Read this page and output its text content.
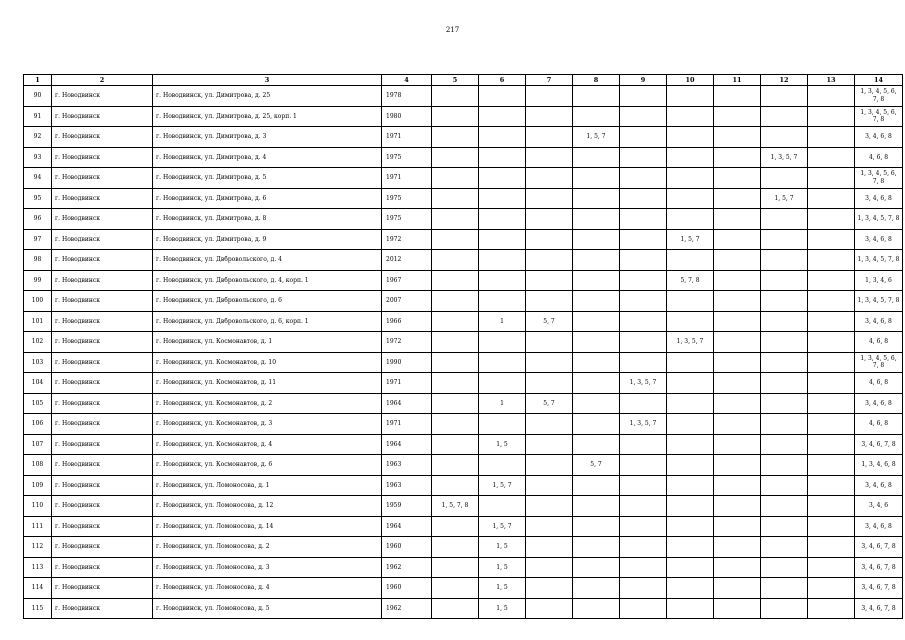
217
1	2	3	4	5	6	7	8	9	10	11	12	13	14
90	г. Новодвинск	г. Новодвинск, ул. Димитрова, д. 25	1978										1, 3, 4, 5, 6, 7, 8
91	г. Новодвинск	г. Новодвинск, ул. Димитрова, д. 25, корп. 1	1980										1, 3, 4, 5, 6, 7, 8
92	г. Новодвинск	г. Новодвинск, ул. Димитрова, д. 3	1971				1, 5, 7						3, 4, 6, 8
93	г. Новодвинск	г. Новодвинск, ул. Димитрова, д. 4	1975								1, 3, 5, 7		4, 6, 8
94	г. Новодвинск	г. Новодвинск, ул. Димитрова, д. 5	1971										1, 3, 4, 5, 6, 7, 8
95	г. Новодвинск	г. Новодвинск, ул. Димитрова, д. 6	1975								1, 5, 7		3, 4, 6, 8
96	г. Новодвинск	г. Новодвинск, ул. Димитрова, д. 8	1975										1, 3, 4, 5, 7, 8
97	г. Новодвинск	г. Новодвинск, ул. Димитрова, д. 9	1972						1, 5, 7				3, 4, 6, 8
98	г. Новодвинск	г. Новодвинск, ул. Двбровольского, д. 4	2012										1, 3, 4, 5, 7, 8
99	г. Новодвинск	г. Новодвинск, ул. Двбровольского, д. 4, корп. 1	1967						5, 7, 8				1, 3, 4, 6
100	г. Новодвинск	г. Новодвинск, ул. Двбровольского, д. 6	2007										1, 3, 4, 5, 7, 8
101	г. Новодвинск	г. Новодвинск, ул. Двбровольского, д. 6, корп. 1	1966		1	5, 7							3, 4, 6, 8
102	г. Новодвинск	г. Новодвинск, ул. Космонавтов, д. 1	1972						1, 3, 5, 7				4, 6, 8
103	г. Новодвинск	г. Новодвинск, ул. Космонавтов, д. 10	1990										1, 3, 4, 5, 6, 7, 8
104	г. Новодвинск	г. Новодвинск, ул. Космонавтов, д. 11	1971					1, 3, 5, 7					4, 6, 8
105	г. Новодвинск	г. Новодвинск, ул. Космонавтов, д. 2	1964		1	5, 7							3, 4, 6, 8
106	г. Новодвинск	г. Новодвинск, ул. Космонавтов, д. 3	1971					1, 3, 5, 7					4, 6, 8
107	г. Новодвинск	г. Новодвинск, ул. Космонавтов, д. 4	1964		1, 5								3, 4, 6, 7, 8
108	г. Новодвинск	г. Новодвинск, ул. Космонавтов, д. 6	1963				5, 7						1, 3, 4, 6, 8
109	г. Новодвинск	г. Новодвинск, ул. Ломоносова, д. 1	1963		1, 5, 7								3, 4, 6, 8
110	г. Новодвинск	г. Новодвинск, ул. Ломоносова, д. 12	1959	1, 5, 7, 8									3, 4, 6
111	г. Новодвинск	г. Новодвинск, ул. Ломоносова, д. 14	1964		1, 5, 7								3, 4, 6, 8
112	г. Новодвинск	г. Новодвинск, ул. Ломоносова, д. 2	1960		1, 5								3, 4, 6, 7, 8
113	г. Новодвинск	г. Новодвинск, ул. Ломоносова, д. 3	1962		1, 5								3, 4, 6, 7, 8
114	г. Новодвинск	г. Новодвинск, ул. Ломоносова, д. 4	1960		1, 5								3, 4, 6, 7, 8
115	г. Новодвинск	г. Новодвинск, ул. Ломоносова, д. 5	1962		1, 5								3, 4, 6, 7, 8
